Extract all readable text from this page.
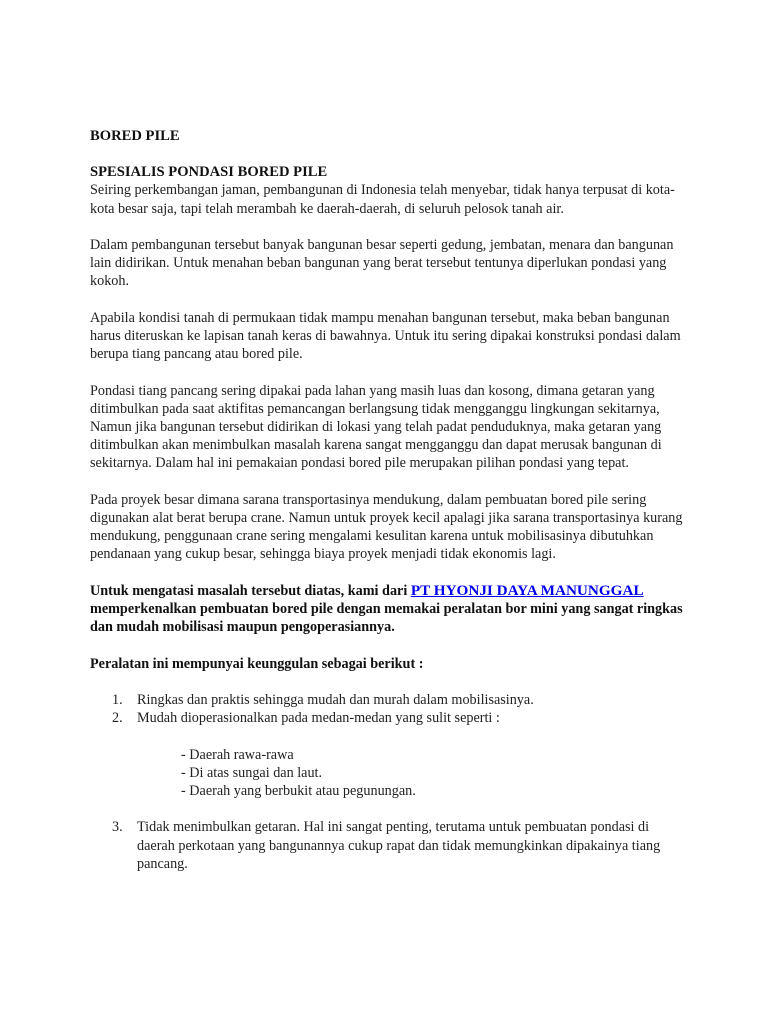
BORED PILE

SPESIALIS PONDASI BORED PILE

Seiring perkembangan jaman, pembangunan di Indonesia telah menyebar, tidak hanya terpusat di kota-kota besar saja, tapi telah merambah ke daerah-daerah, di seluruh pelosok tanah air.

Dalam pembangunan tersebut banyak bangunan besar seperti gedung, jembatan, menara dan bangunan lain didirikan. Untuk menahan beban bangunan yang berat tersebut tentunya diperlukan pondasi yang kokoh.

Apabila kondisi tanah di permukaan tidak mampu menahan bangunan tersebut, maka beban bangunan harus diteruskan ke lapisan tanah keras di bawahnya. Untuk itu sering dipakai konstruksi pondasi dalam berupa tiang pancang atau bored pile.

Pondasi tiang pancang sering dipakai pada lahan yang masih luas dan kosong, dimana getaran yang ditimbulkan pada saat aktifitas pemancangan berlangsung tidak mengganggu lingkungan sekitarnya, Namun jika bangunan tersebut didirikan di lokasi yang telah padat penduduknya, maka getaran yang ditimbulkan akan menimbulkan masalah karena sangat mengganggu dan dapat merusak bangunan di sekitarnya. Dalam hal ini pemakaian pondasi bored pile merupakan pilihan pondasi yang tepat.

Pada proyek besar dimana sarana transportasinya mendukung, dalam pembuatan bored pile sering digunakan alat berat berupa crane. Namun untuk proyek kecil apalagi jika sarana transportasinya kurang mendukung, penggunaan crane sering mengalami kesulitan karena untuk mobilisasinya dibutuhkan pendanaan yang cukup besar, sehingga biaya proyek menjadi tidak ekonomis lagi.

Untuk mengatasi masalah tersebut diatas, kami dari PT HYONJI DAYA MANUNGGAL memperkenalkan pembuatan bored pile dengan memakai peralatan bor mini yang sangat ringkas dan mudah mobilisasi maupun pengoperasiannya.

Peralatan ini mempunyai keunggulan sebagai berikut :

1. Ringkas dan praktis sehingga mudah dan murah dalam mobilisasinya.
2. Mudah dioperasionalkan pada medan-medan yang sulit seperti :
- Daerah rawa-rawa
- Di atas sungai dan laut.
- Daerah yang berbukit atau pegunungan.
3. Tidak menimbulkan getaran. Hal ini sangat penting, terutama untuk pembuatan pondasi di daerah perkotaan yang bangunannya cukup rapat dan tidak memungkinkan dipakainya tiang pancang.
